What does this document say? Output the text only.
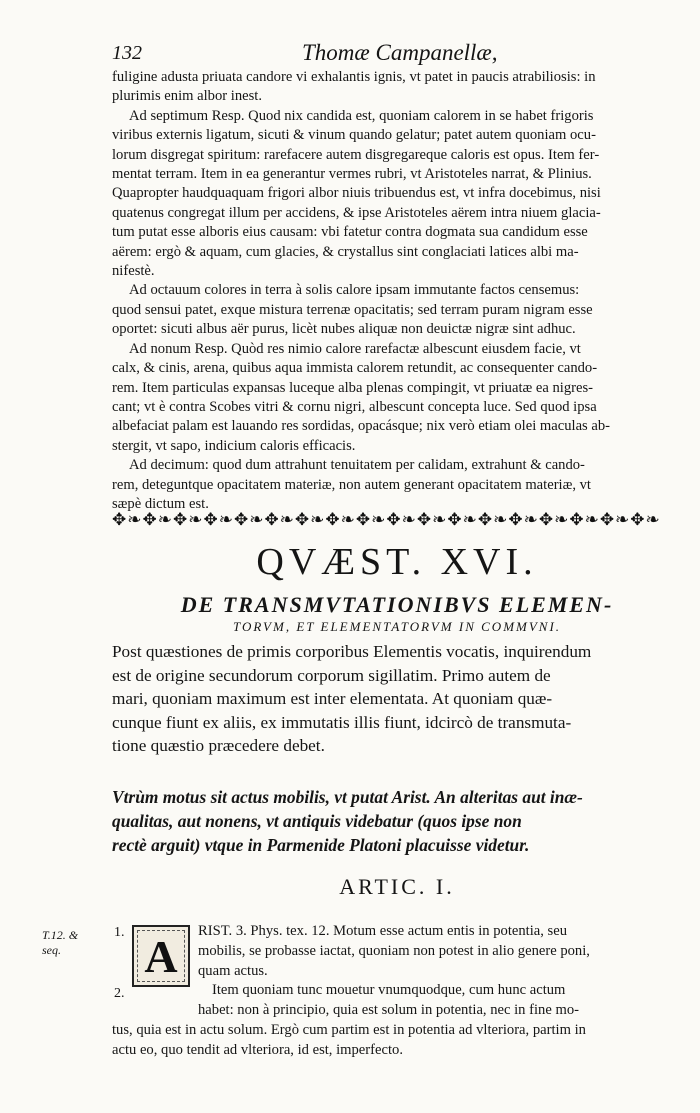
132	Thomæ Campanellæ,

fuligine adusta priuata candore vi exhalantis ignis, vt patet in paucis atrabiliosis: in

plurimis enim albor inest.

Ad septimum Resp. Quod nix candida est, quoniam calorem in se habet frigoris

viribus externis ligatum, sicuti & vinum quando gelatur; patet autem quoniam ocu-

lorum disgregat spiritum: rarefacere autem disgregareque caloris est opus. Item fer-

mentat terram. Item in ea generantur vermes rubri, vt Aristoteles narrat, & Plinius.

Quapropter haudquaquam frigori albor niuis tribuendus est, vt infra docebimus, nisi

quatenus congregat illum per accidens, & ipse Aristoteles aërem intra niuem glacia-

tum putat esse alboris eius causam: vbi fatetur contra dogmata sua candidum esse

aërem: ergò & aquam, cum glacies, & crystallus sint conglaciati latices albi ma-

nifestè.

Ad octauum colores in terra à solis calore ipsam immutante factos censemus:

quod sensui patet, exque mistura terrenæ opacitatis; sed terram puram nigram esse

oportet: sicuti albus aër purus, licèt nubes aliquæ non deuictæ nigræ sint adhuc.

Ad nonum Resp. Quòd res nimio calore rarefactæ albescunt eiusdem facie, vt

calx, & cinis, arena, quibus aqua immista calorem retundit, ac consequenter cando-

rem. Item particulas expansas luceque alba plenas compingit, vt priuatæ ea nigres-

cant; vt è contra Scobes vitri & cornu nigri, albescunt concepta luce. Sed quod ipsa

albefaciat palam est lauando res sordidas, opacásque; nix verò etiam olei maculas ab-

stergit, vt sapo, indicium caloris efficacis.

Ad decimum: quod dum attrahunt tenuitatem per calidam, extrahunt & cando-

rem, deteguntque opacitatem materiæ, non autem generant opacitatem materiæ, vt

sæpè dictum est.

✥❧✥❧✥❧✥❧✥❧✥❧✥❧✥❧✥❧✥❧✥❧✥❧✥❧✥❧✥❧✥❧✥❧✥❧
QVÆST. XVI.
DE TRANSMVTATIONIBVS ELEMEN-
TORVM, ET ELEMENTATORVM IN COMMVNI.

Post quæstiones de primis corporibus Elementis vocatis, inquirendum

est de origine secundorum corporum sigillatim. Primo autem de

mari, quoniam maximum est inter elementata. At quoniam quæ-

cunque fiunt ex aliis, ex immutatis illis fiunt, idcircò de transmuta-

tione quæstio præcedere debet.

Vtrùm motus sit actus mobilis, vt putat Arist. An alteritas aut inæ-

qualitas, aut nonens, vt antiquis videbatur (quos ipse non

rectè arguit) vtque in Parmenide Platoni placuisse videtur.

ARTIC. I.
T.12. &
seq.
1.
2.
A	RIST. 3. Phys. tex. 12. Motum esse actum entis in potentia, seu

mobilis, se probasse iactat, quoniam non potest in alio genere poni,

quam actus.

Item quoniam tunc mouetur vnumquodque, cum hunc actum

habet: non à principio, quia est solum in potentia, nec in fine mo-

tus, quia est in actu solum. Ergò cum partim est in potentia ad vlteriora, partim in

actu eo, quo tendit ad vlteriora, id est, imperfecto.
